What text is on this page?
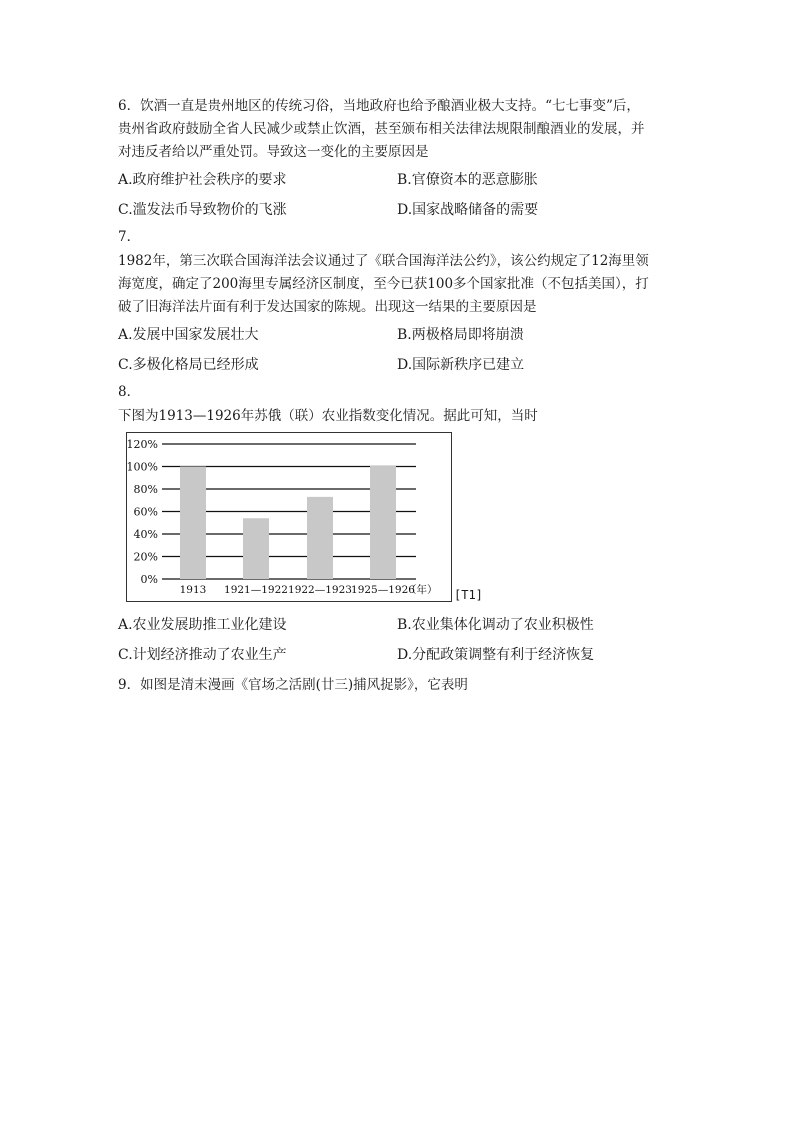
6．饮酒一直是贵州地区的传统习俗，当地政府也给予酿酒业极大支持。“七七事变”后，
贵州省政府鼓励全省人民减少或禁止饮酒，甚至颁布相关法律法规限制酿酒业的发展，并
对违反者给以严重处罚。导致这一变化的主要原因是
A.政府维护社会秩序的要求	B.官僚资本的恶意膨胀
C.滥发法币导致物价的飞涨	D.国家战略储备的需要
7．
1982年，第三次联合国海洋法会议通过了《联合国海洋法公约》，该公约规定了12海里领
海宽度，确定了200海里专属经济区制度，至今已获100多个国家批准（不包括美国），打
破了旧海洋法片面有利于发达国家的陈规。出现这一结果的主要原因是
A.发展中国家发展壮大	B.两极格局即将崩溃
C.多极化格局已经形成	D.国际新秩序已建立
8．
下图为1913—1926年苏俄（联）农业指数变化情况。据此可知，当时
0%
20%
40%
60%
80%
100%
120%
1913 1921—1922 1922—1923 1925—1926
（年） [T1]
A.农业发展助推工业化建设	B.农业集体化调动了农业积极性
C.计划经济推动了农业生产	D.分配政策调整有利于经济恢复
9．如图是清末漫画《官场之活剧(廿三)捕风捉影》，它表明
